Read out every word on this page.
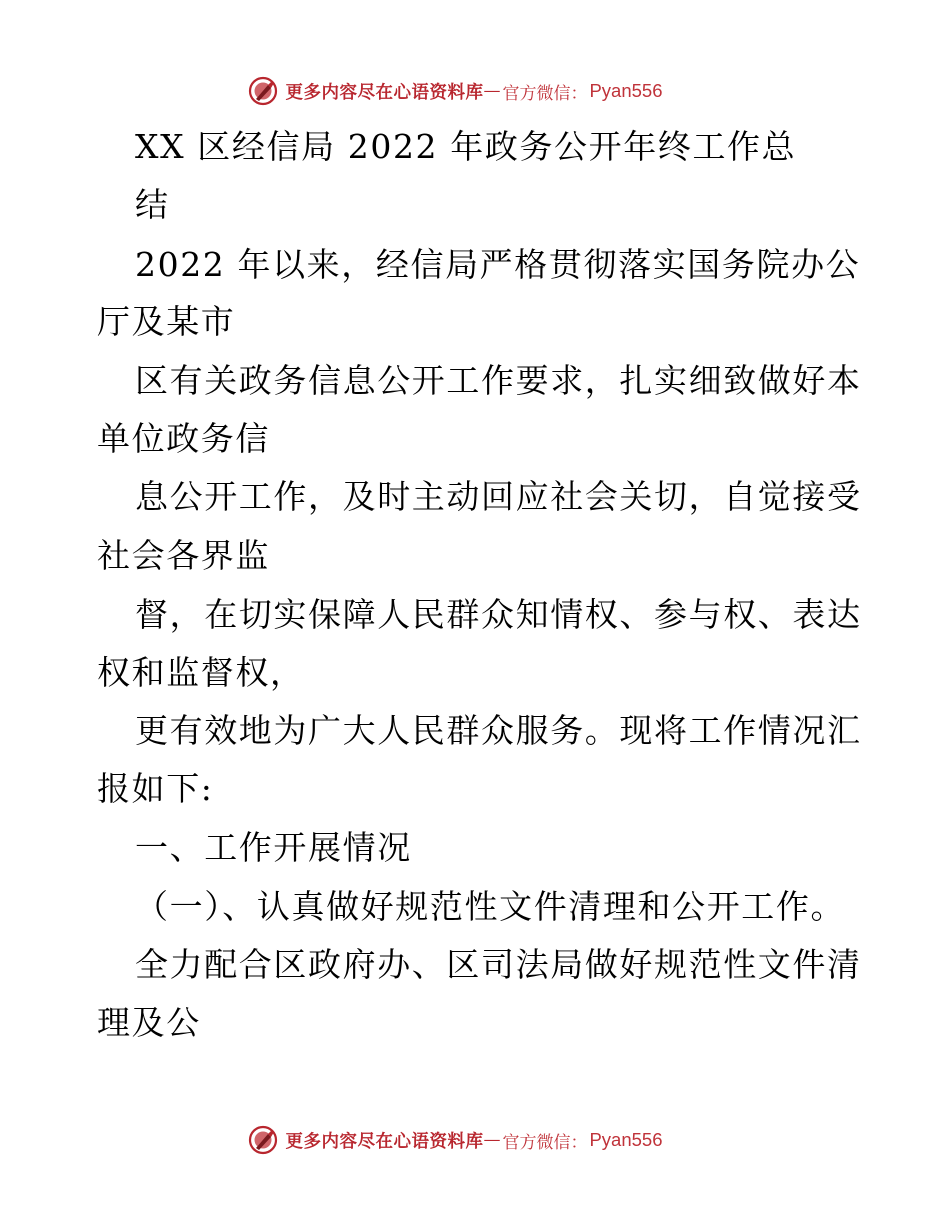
更多内容尽在心语资料库 — 官方微信： Pyan556
XX 区经信局 2022 年政务公开年终工作总
结
2022 年以来，经信局严格贯彻落实国务院办公
厅及某市
区有关政务信息公开工作要求，扎实细致做好本
单位政务信
息公开工作，及时主动回应社会关切，自觉接受
社会各界监
督，在切实保障人民群众知情权、参与权、表达
权和监督权，
更有效地为广大人民群众服务。现将工作情况汇
报如下:
一、工作开展情况
（一）、认真做好规范性文件清理和公开工作。
全力配合区政府办、区司法局做好规范性文件清
理及公
更多内容尽在心语资料库 — 官方微信： Pyan556
